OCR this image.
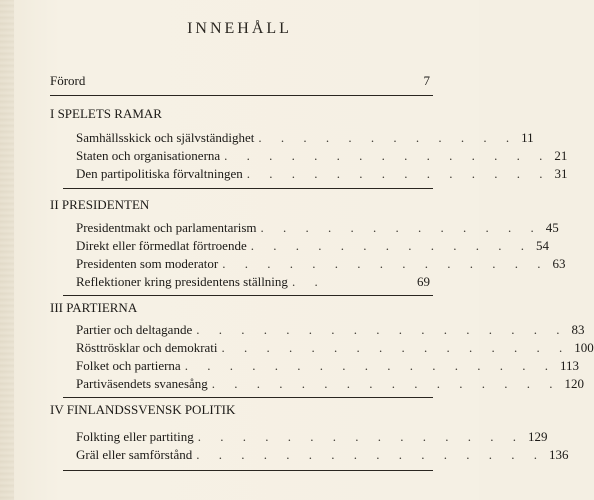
INNEHÅLL
Förord	7
I SPELETS RAMAR
Samhällsskick och självständighet . . . . . . . . . . . . 11
Staten och organisationerna . . . . . . . . . . . . . . . 21
Den partipolitiska förvaltningen . . . . . . . . . . . . . . 31
II PRESIDENTEN
Presidentmakt och parlamentarism . . . . . . . . . . . . . 45
Direkt eller förmedlat förtroende . . . . . . . . . . . . . 54
Presidenten som moderator . . . . . . . . . . . . . . . 63
Reflektioner kring presidentens ställning . .	69
III PARTIERNA
Partier och deltagande . . . . . . . . . . . . . . . . . 83
Rösttrösklar och demokrati . . . . . . . . . . . . . . . . 100
Folket och partierna . . . . . . . . . . . . . . . . . 113
Partiväsendets svanesång . . . . . . . . . . . . . . . . 120
IV FINLANDSSVENSK POLITIK
Folkting eller partiting . . . . . . . . . . . . . . . 129
Gräl eller samförstånd . . . . . . . . . . . . . . . . 136
